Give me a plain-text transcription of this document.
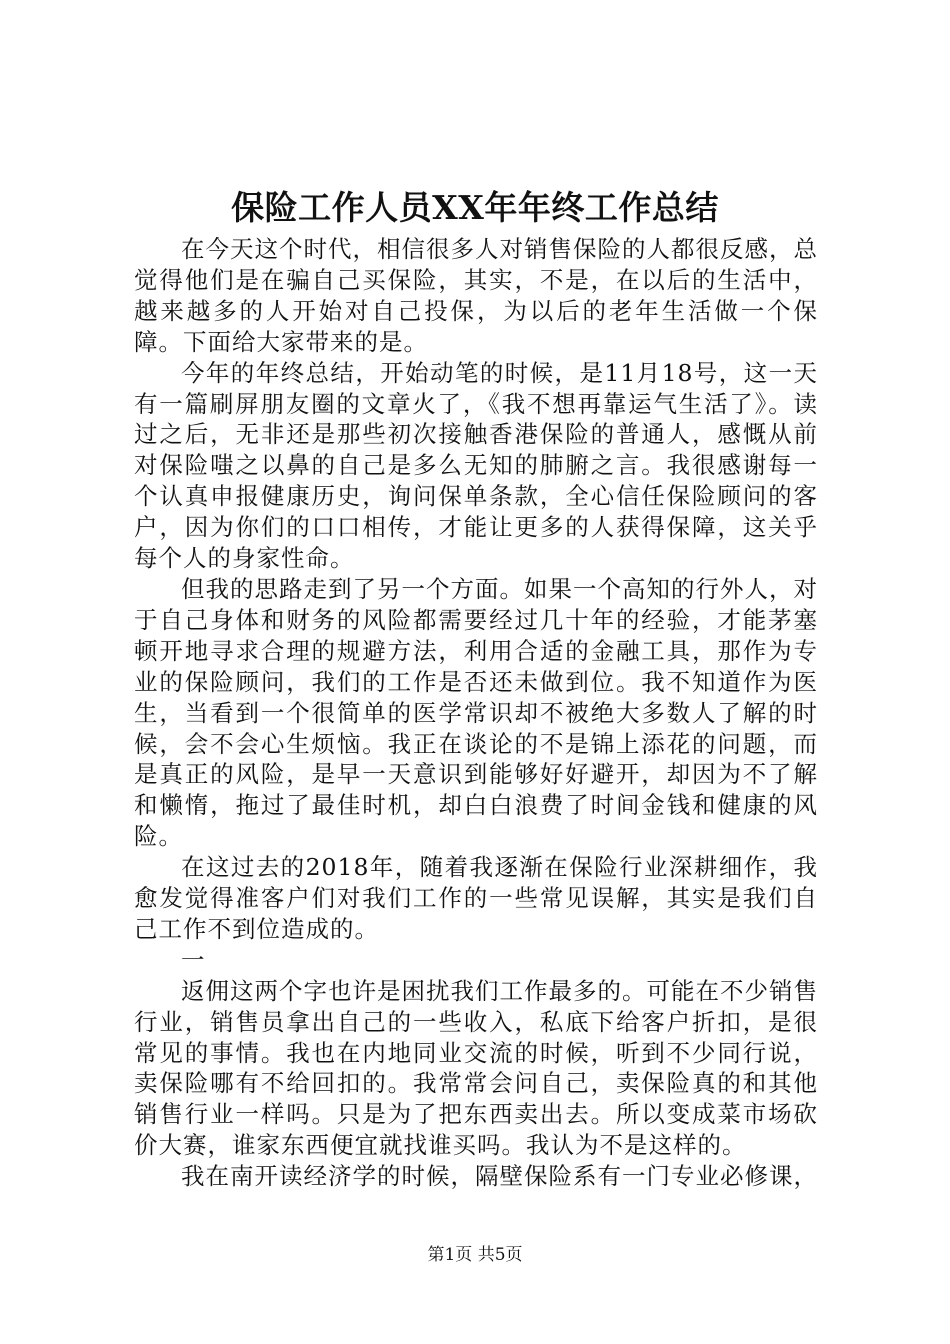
保险工作人员XX年年终工作总结

在今天这个时代，相信很多人对销售保险的人都很反感，总觉得他们是在骗自己买保险，其实，不是，在以后的生活中，越来越多的人开始对自己投保，为以后的老年生活做一个保障。下面给大家带来的是。

今年的年终总结，开始动笔的时候，是11月18号，这一天有一篇刷屏朋友圈的文章火了，《我不想再靠运气生活了》。读过之后，无非还是那些初次接触香港保险的普通人，感慨从前对保险嗤之以鼻的自己是多么无知的肺腑之言。我很感谢每一个认真申报健康历史，询问保单条款，全心信任保险顾问的客户，因为你们的口口相传，才能让更多的人获得保障，这关乎每个人的身家性命。

但我的思路走到了另一个方面。如果一个高知的行外人，对于自己身体和财务的风险都需要经过几十年的经验，才能茅塞顿开地寻求合理的规避方法，利用合适的金融工具，那作为专业的保险顾问，我们的工作是否还未做到位。我不知道作为医生，当看到一个很简单的医学常识却不被绝大多数人了解的时候，会不会心生烦恼。我正在谈论的不是锦上添花的问题，而是真正的风险，是早一天意识到能够好好避开，却因为不了解和懒惰，拖过了最佳时机，却白白浪费了时间金钱和健康的风险。

在这过去的2018年，随着我逐渐在保险行业深耕细作，我愈发觉得准客户们对我们工作的一些常见误解，其实是我们自己工作不到位造成的。

一

返佣这两个字也许是困扰我们工作最多的。可能在不少销售行业，销售员拿出自己的一些收入，私底下给客户折扣，是很常见的事情。我也在内地同业交流的时候，听到不少同行说，卖保险哪有不给回扣的。我常常会问自己，卖保险真的和其他销售行业一样吗。只是为了把东西卖出去。所以变成菜市场砍价大赛，谁家东西便宜就找谁买吗。我认为不是这样的。

我在南开读经济学的时候，隔壁保险系有一门专业必修课，

第1页 共5页
